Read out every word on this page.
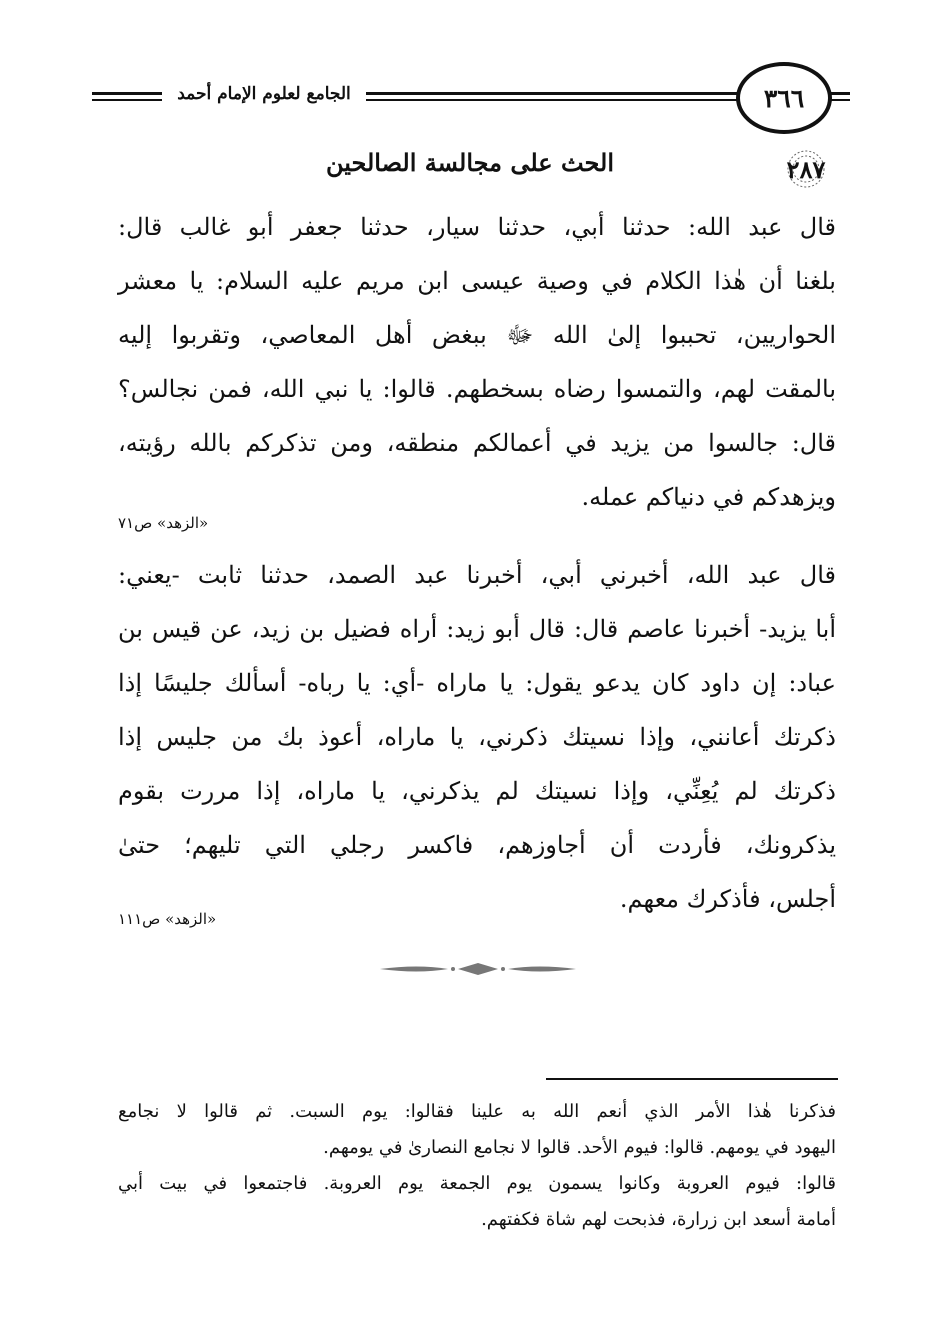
٣٦٦
الجامع لعلوم الإمام أحمد
٢٨٧
الحث على مجالسة الصالحين
قال عبد الله: حدثنا أبي، حدثنا سيار، حدثنا جعفر أبو غالب قال:
بلغنا أن هٰذا الكلام في وصية عيسى ابن مريم عليه السلام: يا معشر
الحواريين، تحببوا إلىٰ الله ﷻ ببغض أهل المعاصي، وتقربوا إليه
بالمقت لهم، والتمسوا رضاه بسخطهم. قالوا: يا نبي الله، فمن نجالس؟
قال: جالسوا من يزيد في أعمالكم منطقه، ومن تذكركم بالله رؤيته،
ويزهدكم في دنياكم عمله.
«الزهد» ص٧١
قال عبد الله، أخبرني أبي، أخبرنا عبد الصمد، حدثنا ثابت -يعني:
أبا يزيد- أخبرنا عاصم قال: قال أبو زيد: أراه فضيل بن زيد، عن قيس بن
عباد: إن داود كان يدعو يقول: يا ماراه -أي: يا رباه- أسألك جليسًا إذا
ذكرتك أعانني، وإذا نسيتك ذكرني، يا ماراه، أعوذ بك من جليس إذا
ذكرتك لم يُعِنِّي، وإذا نسيتك لم يذكرني، يا ماراه، إذا مررت بقوم
يذكرونك، فأردت أن أجاوزهم، فاكسر رجلي التي تليهم؛ حتىٰ
أجلس، فأذكرك معهم.
«الزهد» ص١١١
فذكرنا هٰذا الأمر الذي أنعم الله به علينا فقالوا: يوم السبت. ثم قالوا لا نجامع
اليهود في يومهم. قالوا: فيوم الأحد. قالوا لا نجامع النصارىٰ في يومهم.
قالوا: فيوم العروبة وكانوا يسمون يوم الجمعة يوم العروبة. فاجتمعوا في بيت أبي
أمامة أسعد ابن زرارة، فذبحت لهم شاة فكفتهم.
